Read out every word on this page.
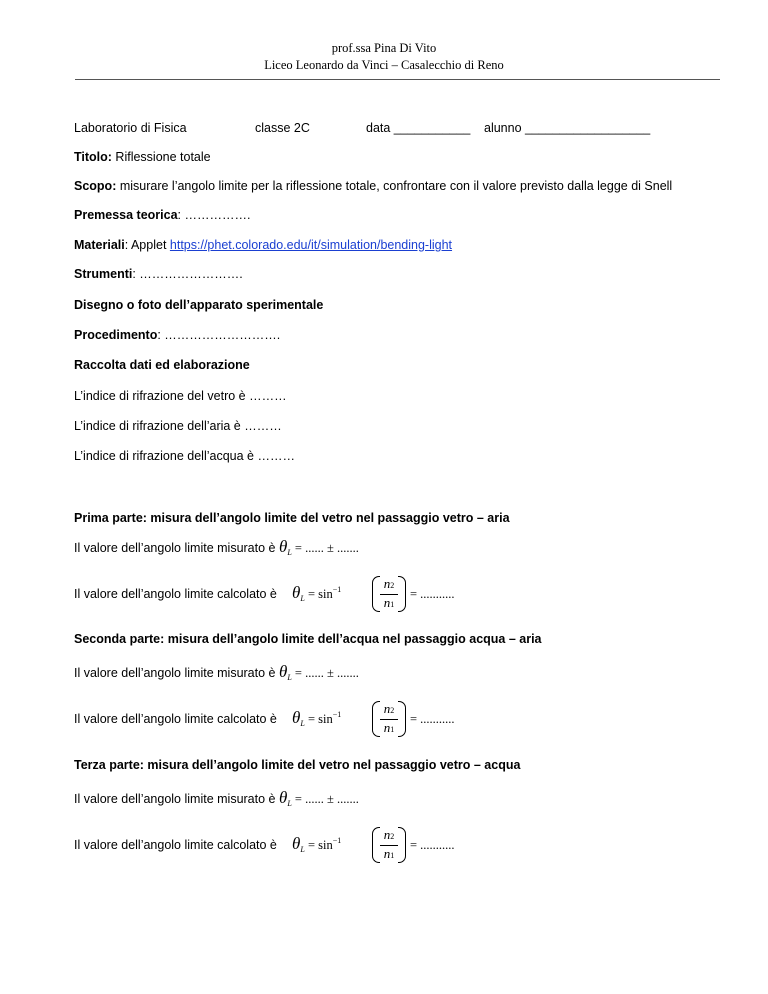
prof.ssa Pina Di Vito
Liceo Leonardo da Vinci – Casalecchio di Reno
Laboratorio di Fisica	classe 2C	data ___________ alunno __________________
Titolo: Riflessione totale
Scopo: misurare l’angolo limite per la riflessione totale, confrontare con il valore previsto dalla legge di Snell
Premessa teorica: …………….
Materiali: Applet https://phet.colorado.edu/it/simulation/bending-light
Strumenti: …………………….
Disegno o foto dell’apparato sperimentale
Procedimento: ……………………….
Raccolta dati ed elaborazione
L’indice di rifrazione del vetro è ………
L’indice di rifrazione dell’aria è ………
L’indice di rifrazione dell’acqua è ………
Prima parte: misura dell’angolo limite del vetro nel passaggio vetro – aria
Il valore dell’angolo limite misurato è $\theta_L$ = ...... ± .......
Il valore dell’angolo limite calcolato è $\theta_L = \sin^{-1}$	n2
n1
= ...........
Seconda parte: misura dell’angolo limite dell’acqua nel passaggio acqua – aria
Il valore dell’angolo limite misurato è $\theta_L$ = ...... ± .......
Il valore dell’angolo limite calcolato è $\theta_L = \sin^{-1}$	n2
n1
= ...........
Terza parte: misura dell’angolo limite del vetro nel passaggio vetro – acqua
Il valore dell’angolo limite misurato è $\theta_L$ = ...... ± .......
Il valore dell’angolo limite calcolato è $\theta_L = \sin^{-1}$	n2
n1
= ...........
